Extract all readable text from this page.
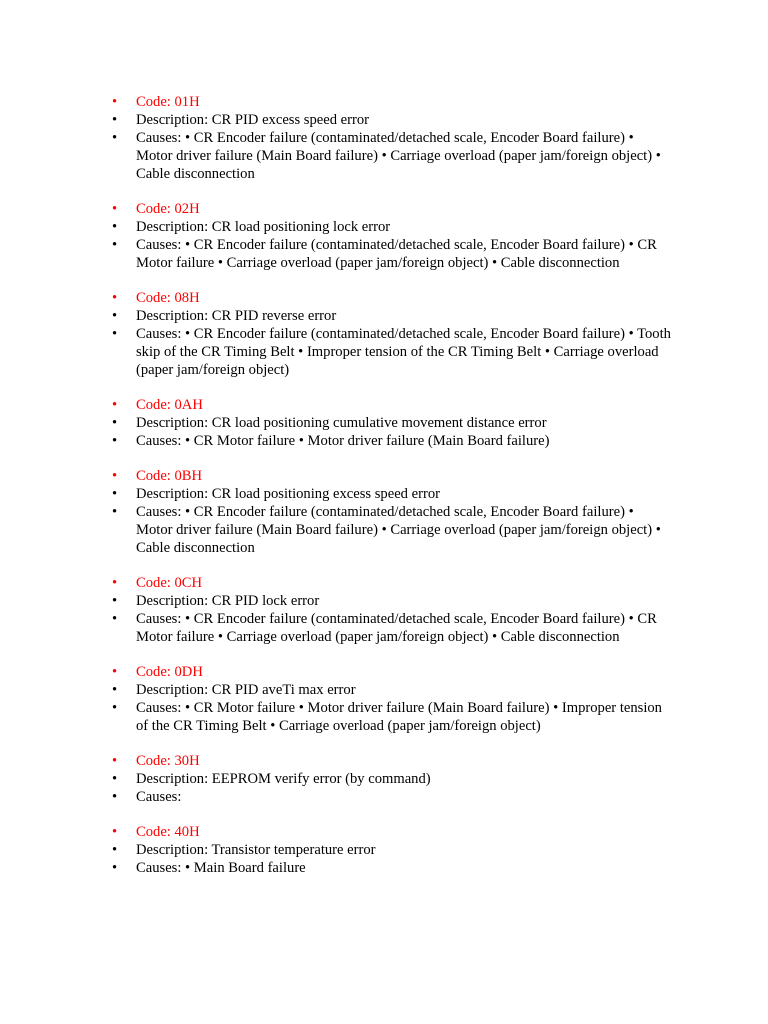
•	Code: 01H
•	Description: CR PID excess speed error
•	Causes: • CR Encoder failure (contaminated/detached scale, Encoder Board failure) • Motor driver failure (Main Board failure) • Carriage overload (paper jam/foreign object) • Cable disconnection
•	Code: 02H
•	Description: CR load positioning lock error
•	Causes: • CR Encoder failure (contaminated/detached scale, Encoder Board failure) • CR Motor failure • Carriage overload (paper jam/foreign object) • Cable disconnection
•	Code: 08H
•	Description: CR PID reverse error
•	Causes: • CR Encoder failure (contaminated/detached scale, Encoder Board failure) • Tooth skip of the CR Timing Belt • Improper tension of the CR Timing Belt • Carriage overload (paper jam/foreign object)
•	Code: 0AH
•	Description: CR load positioning cumulative movement distance error
•	Causes: • CR Motor failure • Motor driver failure (Main Board failure)
•	Code: 0BH
•	Description: CR load positioning excess speed error
•	Causes: • CR Encoder failure (contaminated/detached scale, Encoder Board failure) • Motor driver failure (Main Board failure) • Carriage overload (paper jam/foreign object) • Cable disconnection
•	Code: 0CH
•	Description: CR PID lock error
•	Causes: • CR Encoder failure (contaminated/detached scale, Encoder Board failure) • CR Motor failure • Carriage overload (paper jam/foreign object) • Cable disconnection
•	Code: 0DH
•	Description: CR PID aveTi max error
•	Causes: • CR Motor failure • Motor driver failure (Main Board failure) • Improper tension of the CR Timing Belt • Carriage overload (paper jam/foreign object)
•	Code: 30H
•	Description: EEPROM verify error (by command)
•	Causes:
•	Code: 40H
•	Description: Transistor temperature error
•	Causes: • Main Board failure
